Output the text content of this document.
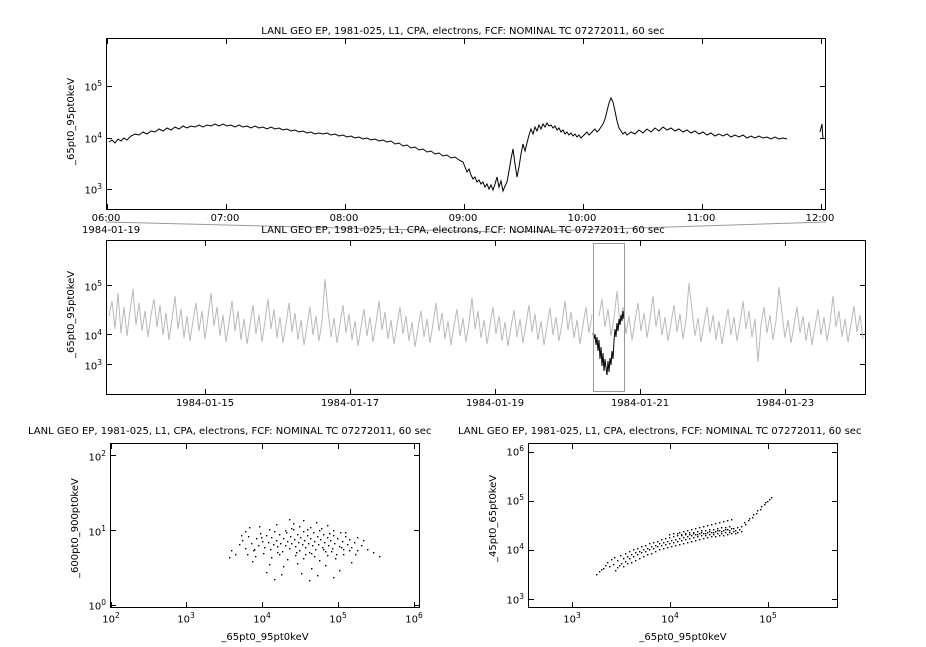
LANL GEO EP, 1981-025, L1, CPA, electrons, FCF: NOMINAL TC 07272011, 60 sec
_65pt0_95pt0keV
$10^3$
$10^4$
$10^5$
06:00	07:00	08:00	09:00	10:00	11:00	12:00
1984-01-19	LANL GEO EP, 1981-025, L1, CPA, electrons, FCF: NOMINAL TC 07272011, 60 sec
_65pt0_95pt0keV
$10^3$
$10^4$
$10^5$
1984-01-15	1984-01-17	1984-01-19	1984-01-21	1984-01-23
LANL GEO EP, 1981-025, L1, CPA, electrons, FCF: NOMINAL TC 07272011, 60 sec
_600pt0_900pt0keV
$10^0$
$10^1$
$10^2$
$10^2$	$10^3$	$10^4$	$10^5$	$10^6$
_65pt0_95pt0keV
LANL GEO EP, 1981-025, L1, CPA, electrons, FCF: NOMINAL TC 07272011, 60 sec
_45pt0_65pt0keV
$10^3$
$10^4$
$10^5$
$10^6$
$10^3$	$10^4$	$10^5$
_65pt0_95pt0keV
